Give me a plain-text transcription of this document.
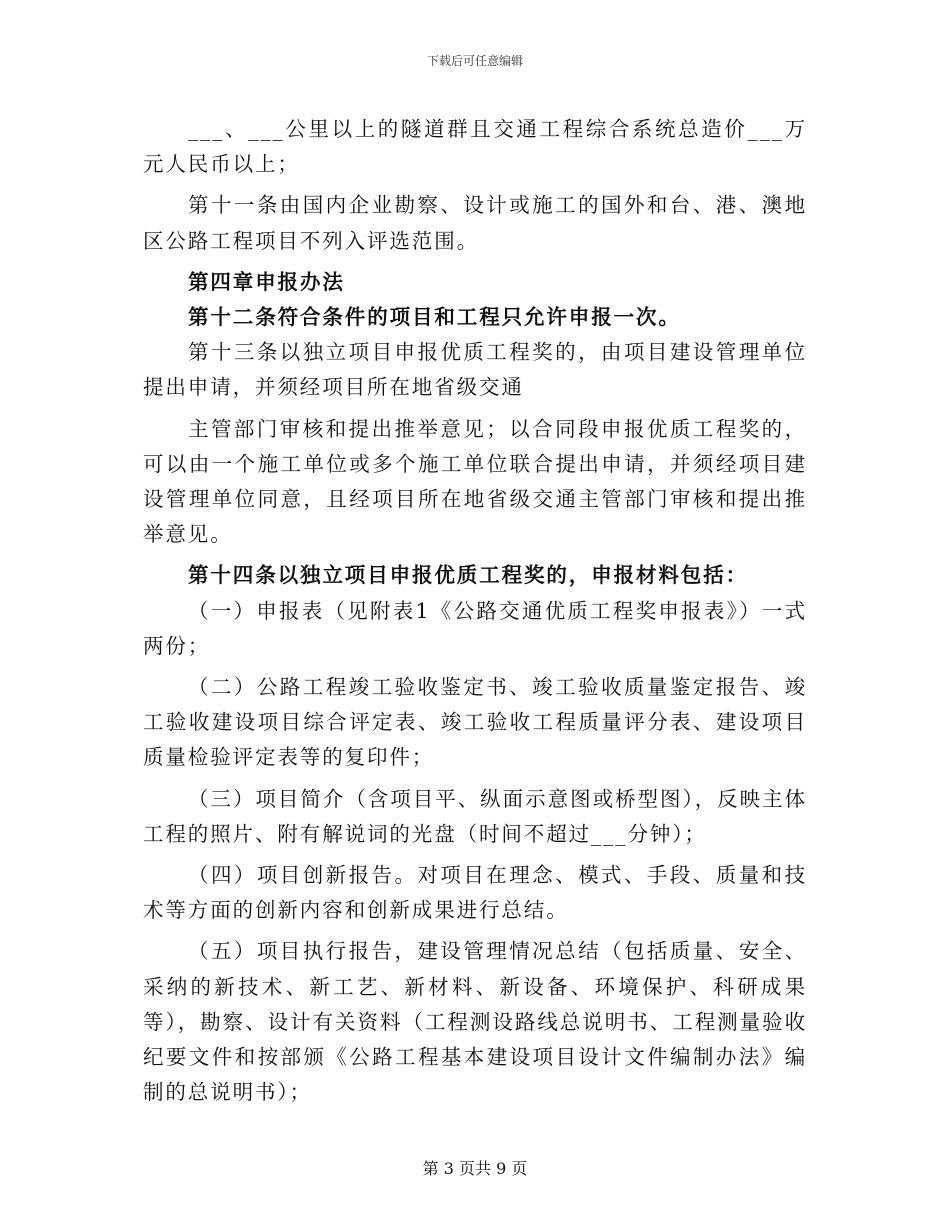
下载后可任意编辑

___、___公里以上的隧道群且交通工程综合系统总造价___万元人民币以上；

第十一条由国内企业勘察、设计或施工的国外和台、港、澳地区公路工程项目不列入评选范围。

第四章申报办法

第十二条符合条件的项目和工程只允许申报一次。

第十三条以独立项目申报优质工程奖的，由项目建设管理单位提出申请，并须经项目所在地省级交通

主管部门审核和提出推举意见；以合同段申报优质工程奖的，可以由一个施工单位或多个施工单位联合提出申请，并须经项目建设管理单位同意，且经项目所在地省级交通主管部门审核和提出推举意见。

第十四条以独立项目申报优质工程奖的，申报材料包括：

（一）申报表（见附表1《公路交通优质工程奖申报表》）一式两份；

（二）公路工程竣工验收鉴定书、竣工验收质量鉴定报告、竣工验收建设项目综合评定表、竣工验收工程质量评分表、建设项目质量检验评定表等的复印件；

（三）项目简介（含项目平、纵面示意图或桥型图），反映主体工程的照片、附有解说词的光盘（时间不超过___分钟）；

（四）项目创新报告。对项目在理念、模式、手段、质量和技术等方面的创新内容和创新成果进行总结。

（五）项目执行报告，建设管理情况总结（包括质量、安全、采纳的新技术、新工艺、新材料、新设备、环境保护、科研成果等），勘察、设计有关资料（工程测设路线总说明书、工程测量验收纪要文件和按部颁《公路工程基本建设项目设计文件编制办法》编制的总说明书）；

第 3 页共 9 页
